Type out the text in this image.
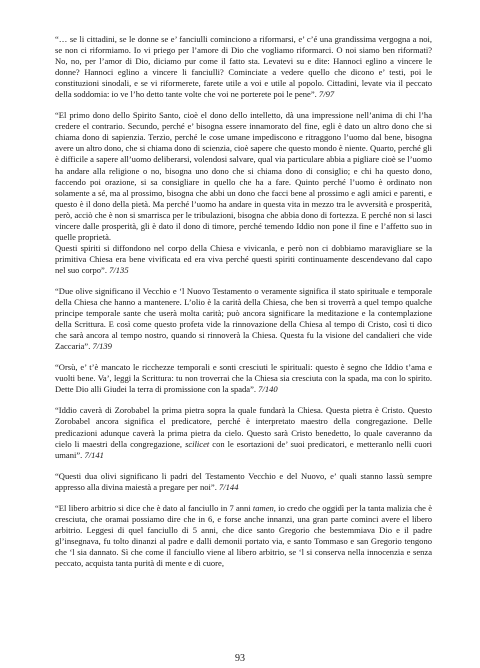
“… se li cittadini, se le donne se e’ fanciulli cominciono a riformarsi, e’ c’é una grandissima vergogna a noi, se non ci riformiamo. Io vi priego per l’amore di Dio che vogliamo riformarci. O noi siamo ben riformati? No, no, per l’amor di Dio, diciamo pur come il fatto sta. Levatevi su e dite: Hannoci eglino a vincere le donne? Hannoci eglino a vincere li fanciulli? Cominciate a vedere quello che dicono e’ testi, poi le constituzioni sinodali, e se vi riformerete, farete utile a voi e utile al popolo. Cittadini, levate via il peccato della soddomia: io ve l’ho detto tante volte che voi ne porterete poi le pene”. 7/97

“El primo dono dello Spirito Santo, cioè el dono dello intelletto, dà una impressione nell’anima di chi l’ha credere el contrario. Secundo, perché e’ bisogna essere innamorato del fine, egli è dato un altro dono che si chiama dono di sapienzia. Terzio, perché le cose umane impediscono e ritraggono l’uomo dal bene, bisogna avere un altro dono, che si chiama dono di scienzia, cioè sapere che questo mondo è niente. Quarto, perché gli è difficile a sapere all’uomo deliberarsi, volendosi salvare, qual via particulare abbia a pigliare cioè se l’uomo ha andare alla religione o no, bisogna uno dono che si chiama dono di consiglio; e chi ha questo dono, faccendo poi orazione, si sa consigliare in quello che ha a fare. Quinto perché l’uomo è ordinato non solamente a sé, ma al prossimo, bisogna che abbi un dono che facci bene al prossimo e agli amici e parenti, e questo è il dono della pietà. Ma perché l’uomo ha andare in questa vita in mezzo tra le avversità e prosperità, però, acciò che è non si smarrisca per le tribulazioni, bisogna che abbia dono di fortezza. E perché non si lasci vincere dalle prosperità, gli è dato il dono di timore, perché temendo Iddio non pone il fine e l’affetto suo in quelle proprietà.

Questi spiriti si diffondono nel corpo della Chiesa e vivicanla, e però non ci dobbiamo maravigliare se la primitiva Chiesa era bene vivificata ed era viva perché questi spiriti continuamente descendevano dal capo nel suo corpo”. 7/135

“Due olive significano il Vecchio e ‘l Nuovo Testamento o veramente significa il stato spirituale e temporale della Chiesa che hanno a mantenere. L’olio è la carità della Chiesa, che ben si troverrà a quel tempo qualche principe temporale sante che userà molta carità; può ancora significare la meditazione e la contemplazione della Scrittura. E così come questo profeta vide la rinnovazione della Chiesa al tempo di Cristo, così ti dico che sarà ancora al tempo nostro, quando si rinnoverà la Chiesa. Questa fu la visione del candalieri che vide Zaccaria”. 7/139

“Orsù, e’ t’è mancato le ricchezze temporali e sonti cresciuti le spirituali: questo è segno che Iddio t’ama e vuolti bene. Va’, leggi la Scrittura: tu non troverrai che la Chiesa sia cresciuta con la spada, ma con lo spirito. Dette Dio alli Giudei la terra di promissione con la spada”. 7/140

“Iddio caverà di Zorobabel la prima pietra sopra la quale fundarà la Chiesa. Questa pietra è Cristo. Questo Zorobabel ancora significa el predicatore, perché è interpretato maestro della congregazione. Delle predicazioni adunque caverà la prima pietra da cielo. Questo sarà Cristo benedetto, lo quale caveranno da cielo li maestri della congregazione, scilicet con le esortazioni de’ suoi predicatori, e metteranlo nelli cuori umani”. 7/141

“Questi dua olivi significano li padri del Testamento Vecchio e del Nuovo, e’ quali stanno lassù sempre appresso alla divina maiestà a pregare per noi”. 7/144

“El libero arbitrio si dice che è dato al fanciullo in 7 anni tamen, io credo che oggidì per la tanta malizia che è cresciuta, che oramai possiamo dire che in 6, e forse anche innanzi, una gran parte cominci avere el libero arbitrio. Leggesi di quel fanciullo di 5 anni, che dice santo Gregorio che bestemmiava Dio e il padre gl’insegnava, fu tolto dinanzi al padre e dalli demonii portato via, e santo Tommaso e san Gregorio tengono che ‘l sia dannato. Sì che come il fanciullo viene al libero arbitrio, se ‘l si conserva nella innocenzia e senza peccato, acquista tanta purità di mente e di cuore,

93
